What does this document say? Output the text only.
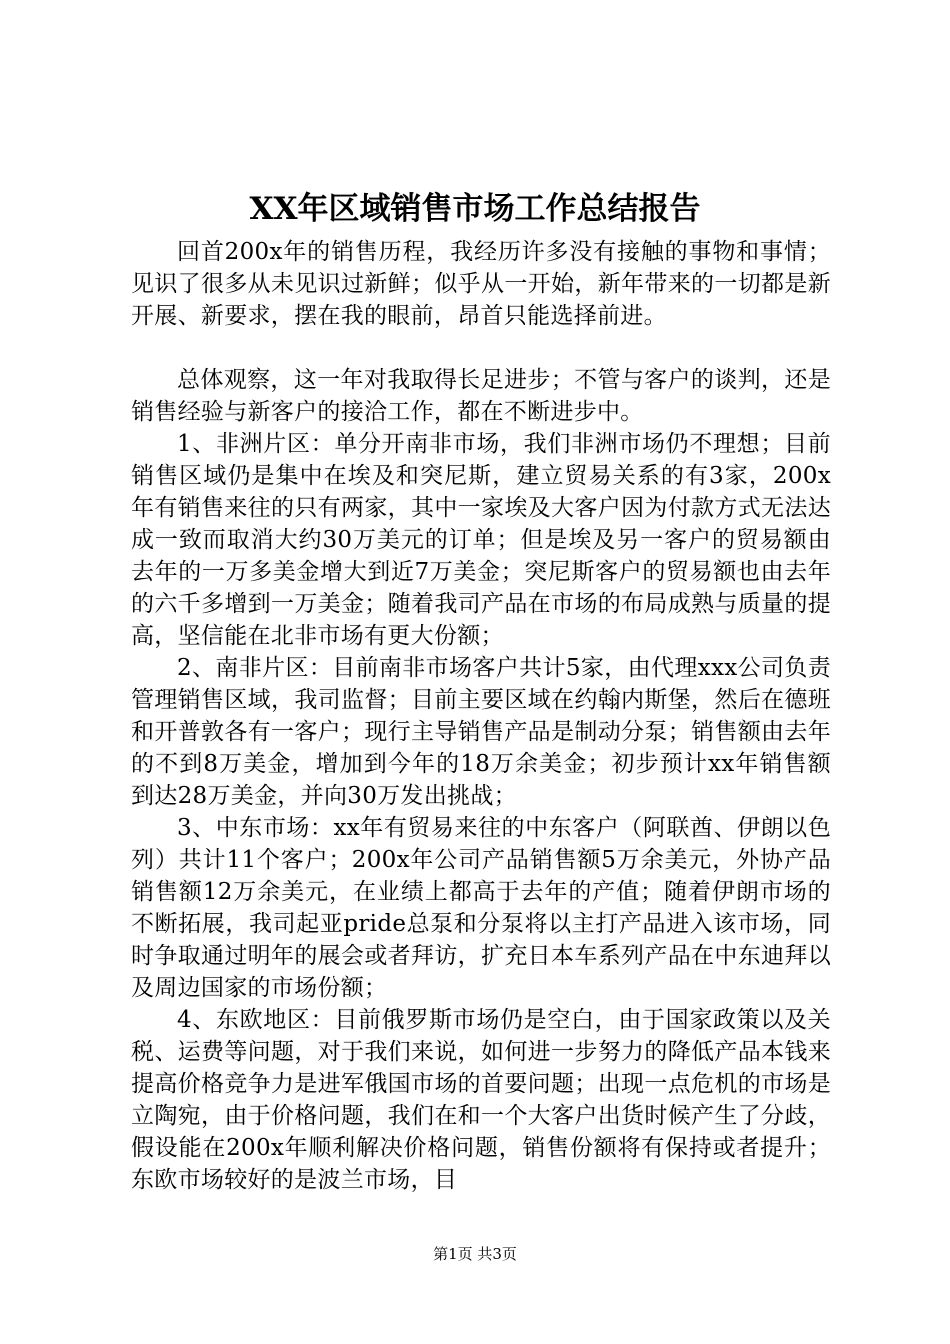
XX年区域销售市场工作总结报告

回首200x年的销售历程，我经历许多没有接触的事物和事情；见识了很多从未见识过新鲜；似乎从一开始，新年带来的一切都是新开展、新要求，摆在我的眼前，昂首只能选择前进。

总体观察，这一年对我取得长足进步；不管与客户的谈判，还是销售经验与新客户的接洽工作，都在不断进步中。

1、非洲片区：单分开南非市场，我们非洲市场仍不理想；目前销售区域仍是集中在埃及和突尼斯，建立贸易关系的有3家，200x年有销售来往的只有两家，其中一家埃及大客户因为付款方式无法达成一致而取消大约30万美元的订单；但是埃及另一客户的贸易额由去年的一万多美金增大到近7万美金；突尼斯客户的贸易额也由去年的六千多增到一万美金；随着我司产品在市场的布局成熟与质量的提高，坚信能在北非市场有更大份额；

2、南非片区：目前南非市场客户共计5家，由代理xxx公司负责管理销售区域，我司监督；目前主要区域在约翰内斯堡，然后在德班和开普敦各有一客户；现行主导销售产品是制动分泵；销售额由去年的不到8万美金，增加到今年的18万余美金；初步预计xx年销售额到达28万美金，并向30万发出挑战；

3、中东市场：xx年有贸易来往的中东客户（阿联酋、伊朗以色列）共计11个客户；200x年公司产品销售额5万余美元，外协产品销售额12万余美元，在业绩上都高于去年的产值；随着伊朗市场的不断拓展，我司起亚pride总泵和分泵将以主打产品进入该市场，同时争取通过明年的展会或者拜访，扩充日本车系列产品在中东迪拜以及周边国家的市场份额；

4、东欧地区：目前俄罗斯市场仍是空白，由于国家政策以及关税、运费等问题，对于我们来说，如何进一步努力的降低产品本钱来提高价格竞争力是进军俄国市场的首要问题；出现一点危机的市场是立陶宛，由于价格问题，我们在和一个大客户出货时候产生了分歧，假设能在200x年顺利解决价格问题，销售份额将有保持或者提升；东欧市场较好的是波兰市场，目

第1页 共3页
